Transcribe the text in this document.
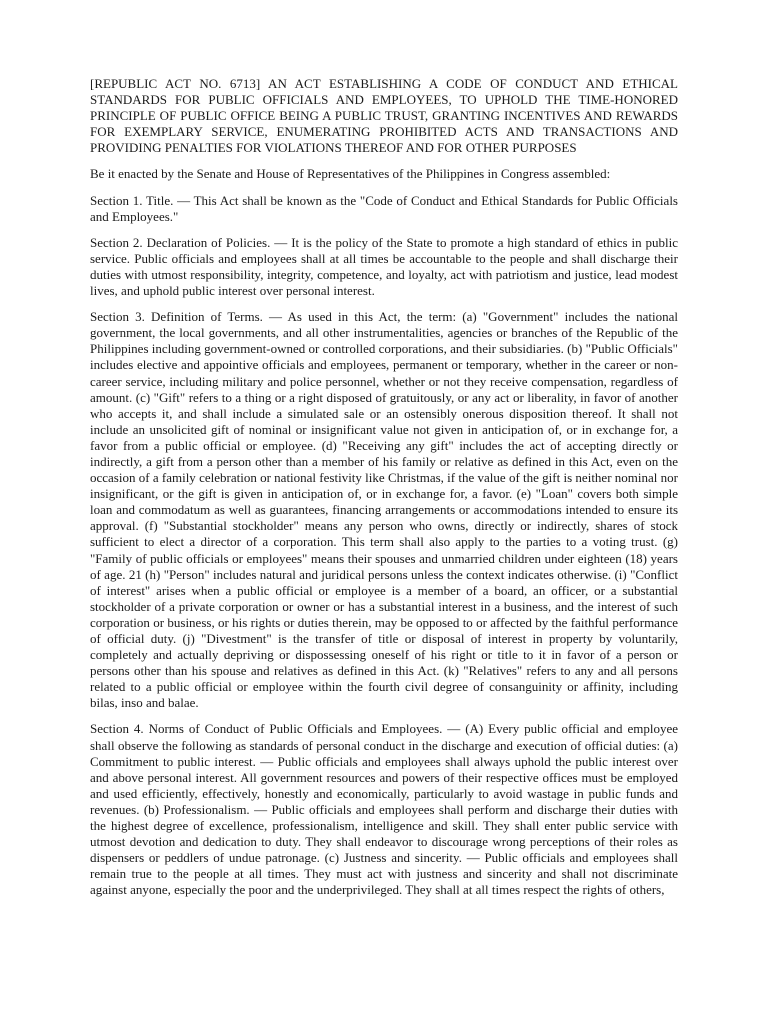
[REPUBLIC ACT NO. 6713] AN ACT ESTABLISHING A CODE OF CONDUCT AND ETHICAL STANDARDS FOR PUBLIC OFFICIALS AND EMPLOYEES, TO UPHOLD THE TIME-HONORED PRINCIPLE OF PUBLIC OFFICE BEING A PUBLIC TRUST, GRANTING INCENTIVES AND REWARDS FOR EXEMPLARY SERVICE, ENUMERATING PROHIBITED ACTS AND TRANSACTIONS AND PROVIDING PENALTIES FOR VIOLATIONS THEREOF AND FOR OTHER PURPOSES

Be it enacted by the Senate and House of Representatives of the Philippines in Congress assembled:

Section 1. Title. — This Act shall be known as the "Code of Conduct and Ethical Standards for Public Officials and Employees."

Section 2. Declaration of Policies. — It is the policy of the State to promote a high standard of ethics in public service. Public officials and employees shall at all times be accountable to the people and shall discharge their duties with utmost responsibility, integrity, competence, and loyalty, act with patriotism and justice, lead modest lives, and uphold public interest over personal interest.

Section 3. Definition of Terms. — As used in this Act, the term: (a) "Government" includes the national government, the local governments, and all other instrumentalities, agencies or branches of the Republic of the Philippines including government-owned or controlled corporations, and their subsidiaries. (b) "Public Officials" includes elective and appointive officials and employees, permanent or temporary, whether in the career or non-career service, including military and police personnel, whether or not they receive compensation, regardless of amount. (c) "Gift" refers to a thing or a right disposed of gratuitously, or any act or liberality, in favor of another who accepts it, and shall include a simulated sale or an ostensibly onerous disposition thereof. It shall not include an unsolicited gift of nominal or insignificant value not given in anticipation of, or in exchange for, a favor from a public official or employee. (d) "Receiving any gift" includes the act of accepting directly or indirectly, a gift from a person other than a member of his family or relative as defined in this Act, even on the occasion of a family celebration or national festivity like Christmas, if the value of the gift is neither nominal nor insignificant, or the gift is given in anticipation of, or in exchange for, a favor. (e) "Loan" covers both simple loan and commodatum as well as guarantees, financing arrangements or accommodations intended to ensure its approval. (f) "Substantial stockholder" means any person who owns, directly or indirectly, shares of stock sufficient to elect a director of a corporation. This term shall also apply to the parties to a voting trust. (g) "Family of public officials or employees" means their spouses and unmarried children under eighteen (18) years of age. 21 (h) "Person" includes natural and juridical persons unless the context indicates otherwise. (i) "Conflict of interest" arises when a public official or employee is a member of a board, an officer, or a substantial stockholder of a private corporation or owner or has a substantial interest in a business, and the interest of such corporation or business, or his rights or duties therein, may be opposed to or affected by the faithful performance of official duty. (j) "Divestment" is the transfer of title or disposal of interest in property by voluntarily, completely and actually depriving or dispossessing oneself of his right or title to it in favor of a person or persons other than his spouse and relatives as defined in this Act. (k) "Relatives" refers to any and all persons related to a public official or employee within the fourth civil degree of consanguinity or affinity, including bilas, inso and balae.

Section 4. Norms of Conduct of Public Officials and Employees. — (A) Every public official and employee shall observe the following as standards of personal conduct in the discharge and execution of official duties: (a) Commitment to public interest. — Public officials and employees shall always uphold the public interest over and above personal interest. All government resources and powers of their respective offices must be employed and used efficiently, effectively, honestly and economically, particularly to avoid wastage in public funds and revenues. (b) Professionalism. — Public officials and employees shall perform and discharge their duties with the highest degree of excellence, professionalism, intelligence and skill. They shall enter public service with utmost devotion and dedication to duty. They shall endeavor to discourage wrong perceptions of their roles as dispensers or peddlers of undue patronage. (c) Justness and sincerity. — Public officials and employees shall remain true to the people at all times. They must act with justness and sincerity and shall not discriminate against anyone, especially the poor and the underprivileged. They shall at all times respect the rights of others,
